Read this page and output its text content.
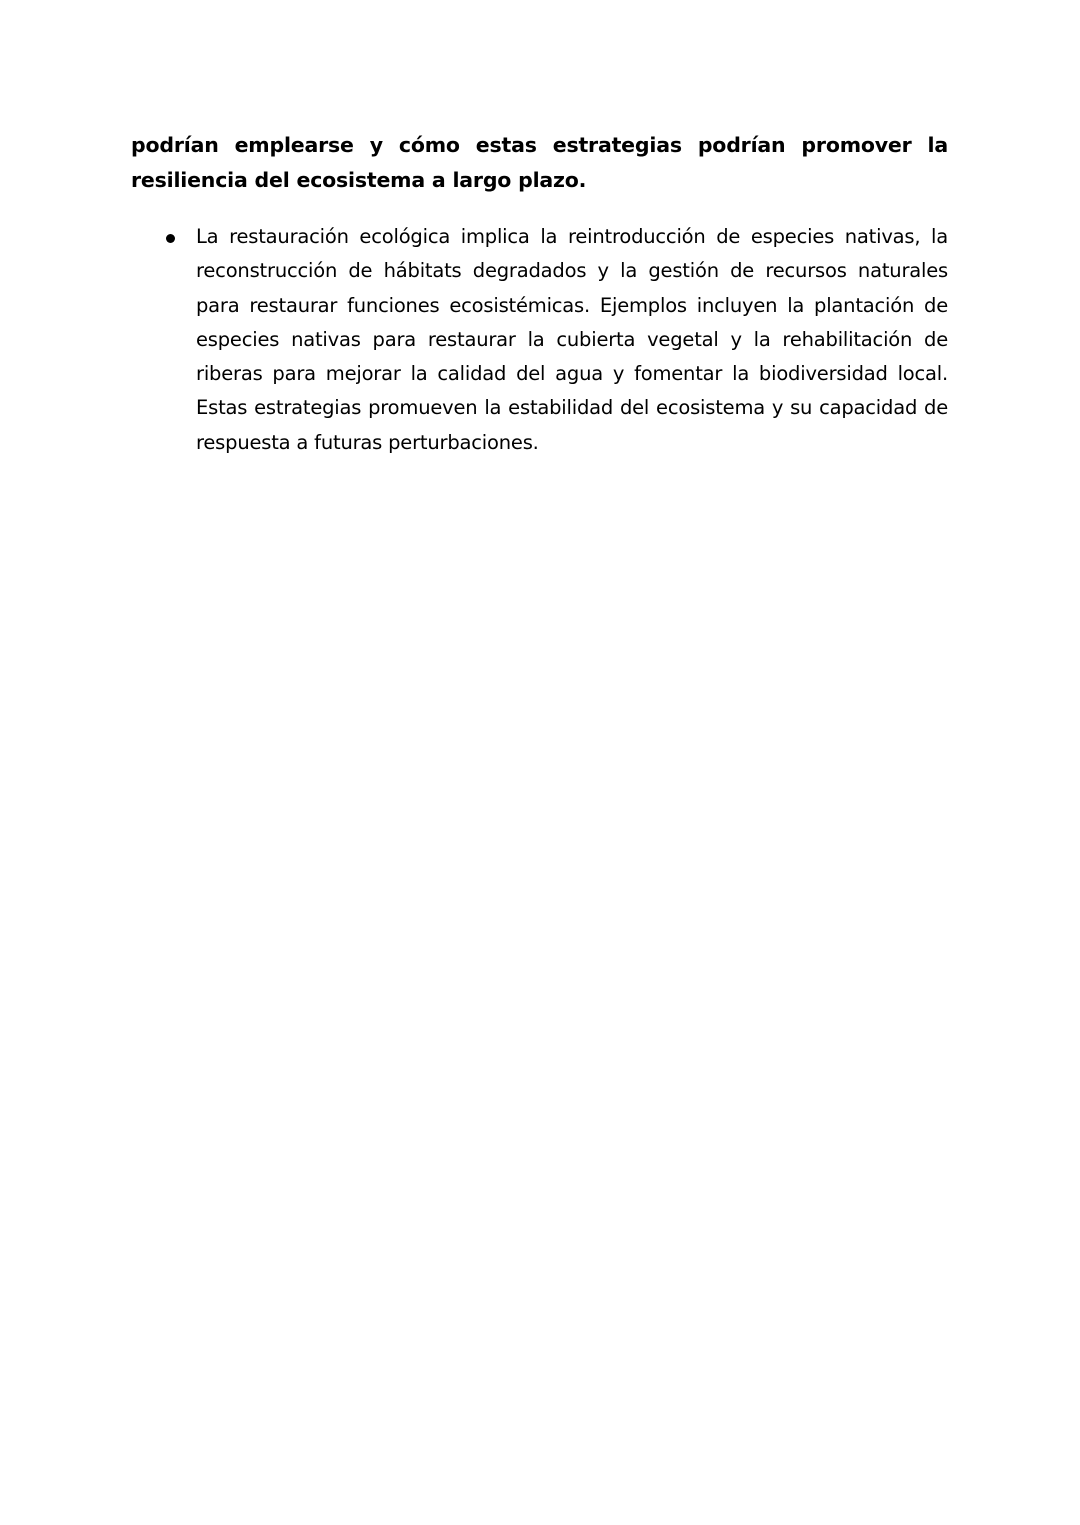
podrían emplearse y cómo estas estrategias podrían promover la resiliencia del ecosistema a largo plazo.

La restauración ecológica implica la reintroducción de especies nativas, la reconstrucción de hábitats degradados y la gestión de recursos naturales para restaurar funciones ecosistémicas. Ejemplos incluyen la plantación de especies nativas para restaurar la cubierta vegetal y la rehabilitación de riberas para mejorar la calidad del agua y fomentar la biodiversidad local. Estas estrategias promueven la estabilidad del ecosistema y su capacidad de respuesta a futuras perturbaciones.
